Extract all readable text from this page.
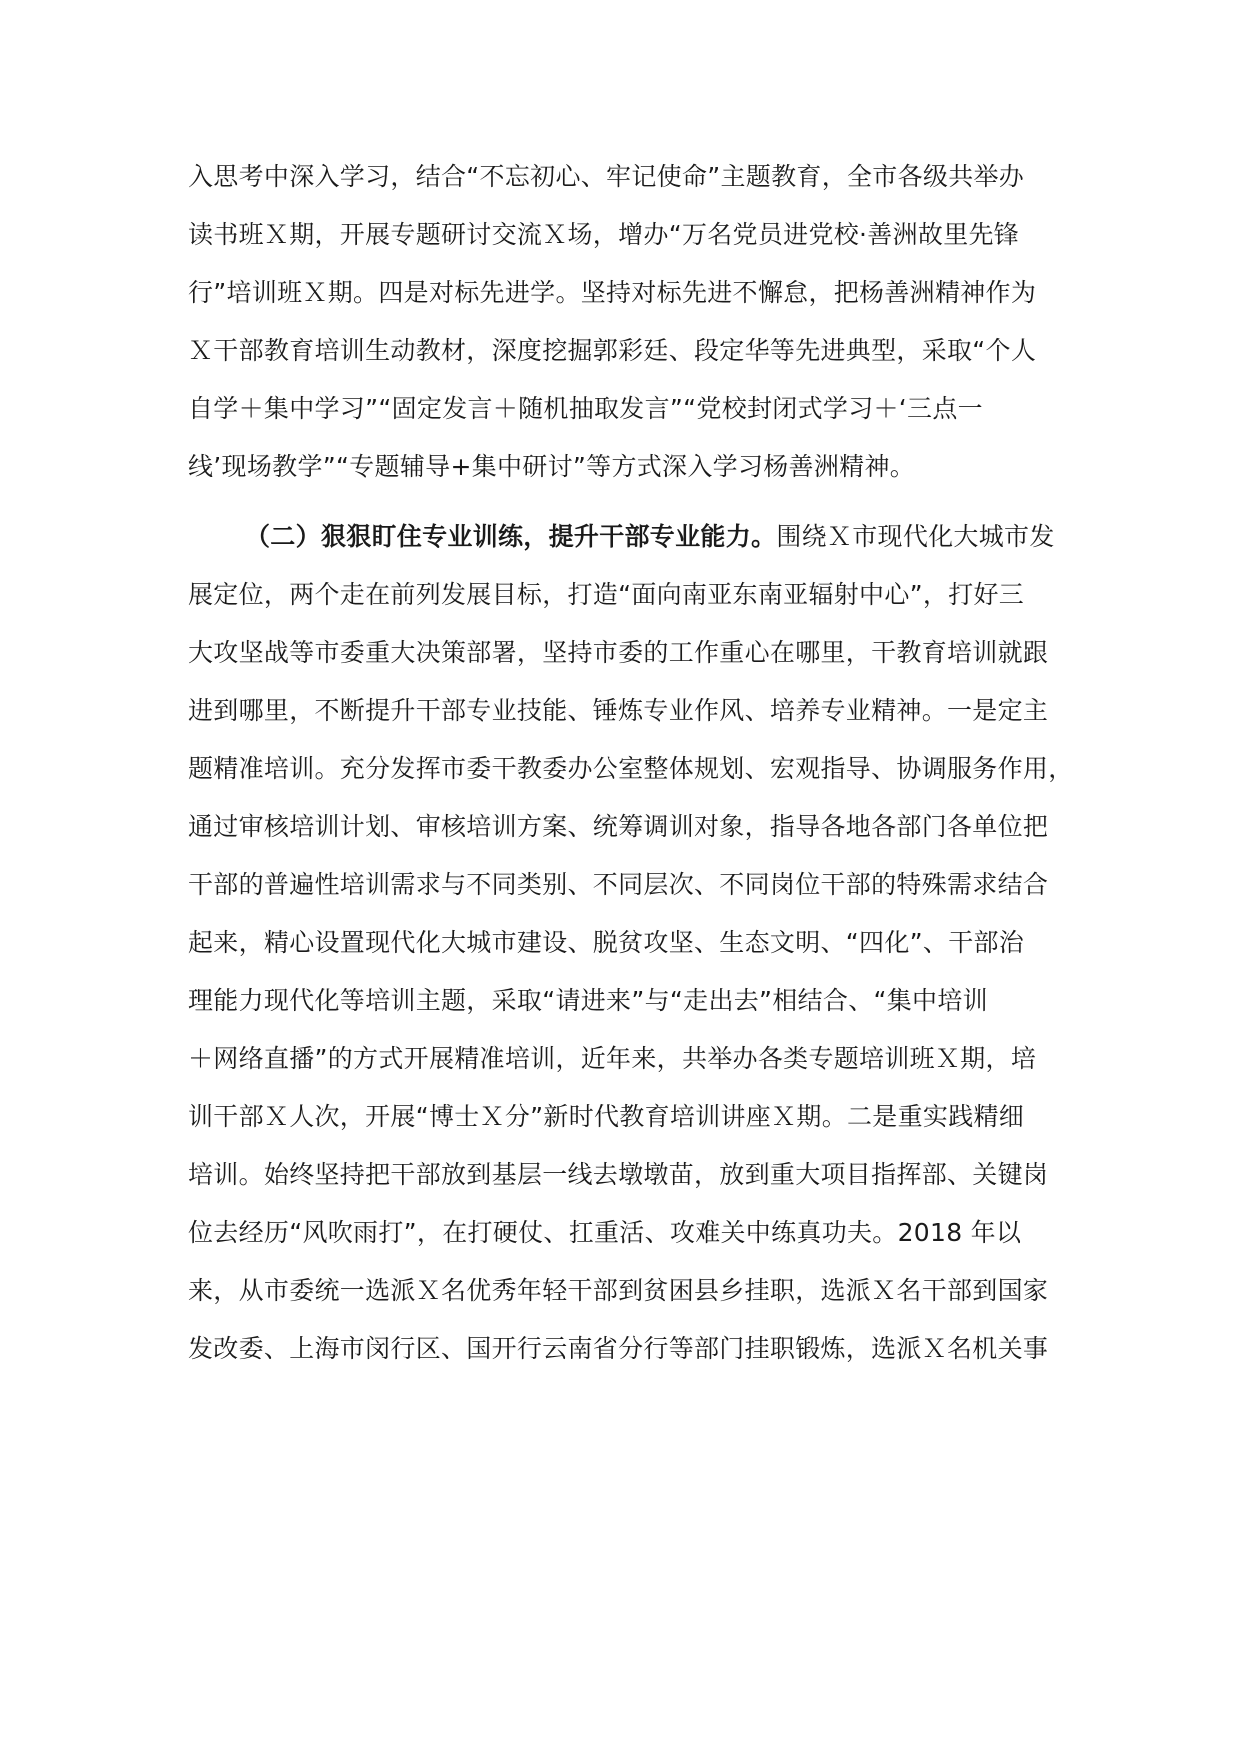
入思考中深入学习，结合“不忘初心、牢记使命”主题教育，全市各级共举办
读书班Ｘ期，开展专题研讨交流Ｘ场，增办“万名党员进党校·善洲故里先锋
行”培训班Ｘ期。四是对标先进学。坚持对标先进不懈怠，把杨善洲精神作为
Ｘ干部教育培训生动教材，深度挖掘郭彩廷、段定华等先进典型，采取“个人
自学＋集中学习”“固定发言＋随机抽取发言”“党校封闭式学习＋‘三点一
线’现场教学”“专题辅导+集中研讨”等方式深入学习杨善洲精神。
（二）狠狠盯住专业训练，提升干部专业能力。围绕Ｘ市现代化大城市发
展定位，两个走在前列发展目标，打造“面向南亚东南亚辐射中心”，打好三
大攻坚战等市委重大决策部署，坚持市委的工作重心在哪里，干教育培训就跟
进到哪里，不断提升干部专业技能、锤炼专业作风、培养专业精神。一是定主
题精准培训。充分发挥市委干教委办公室整体规划、宏观指导、协调服务作用，
通过审核培训计划、审核培训方案、统筹调训对象，指导各地各部门各单位把
干部的普遍性培训需求与不同类别、不同层次、不同岗位干部的特殊需求结合
起来，精心设置现代化大城市建设、脱贫攻坚、生态文明、“四化”、干部治
理能力现代化等培训主题，采取“请进来”与“走出去”相结合、“集中培训
＋网络直播”的方式开展精准培训，近年来，共举办各类专题培训班Ｘ期，培
训干部Ｘ人次，开展“博士Ｘ分”新时代教育培训讲座Ｘ期。二是重实践精细
培训。始终坚持把干部放到基层一线去墩墩苗，放到重大项目指挥部、关键岗
位去经历“风吹雨打”，在打硬仗、扛重活、攻难关中练真功夫。2018 年以
来，从市委统一选派Ｘ名优秀年轻干部到贫困县乡挂职，选派Ｘ名干部到国家
发改委、上海市闵行区、国开行云南省分行等部门挂职锻炼，选派Ｘ名机关事
